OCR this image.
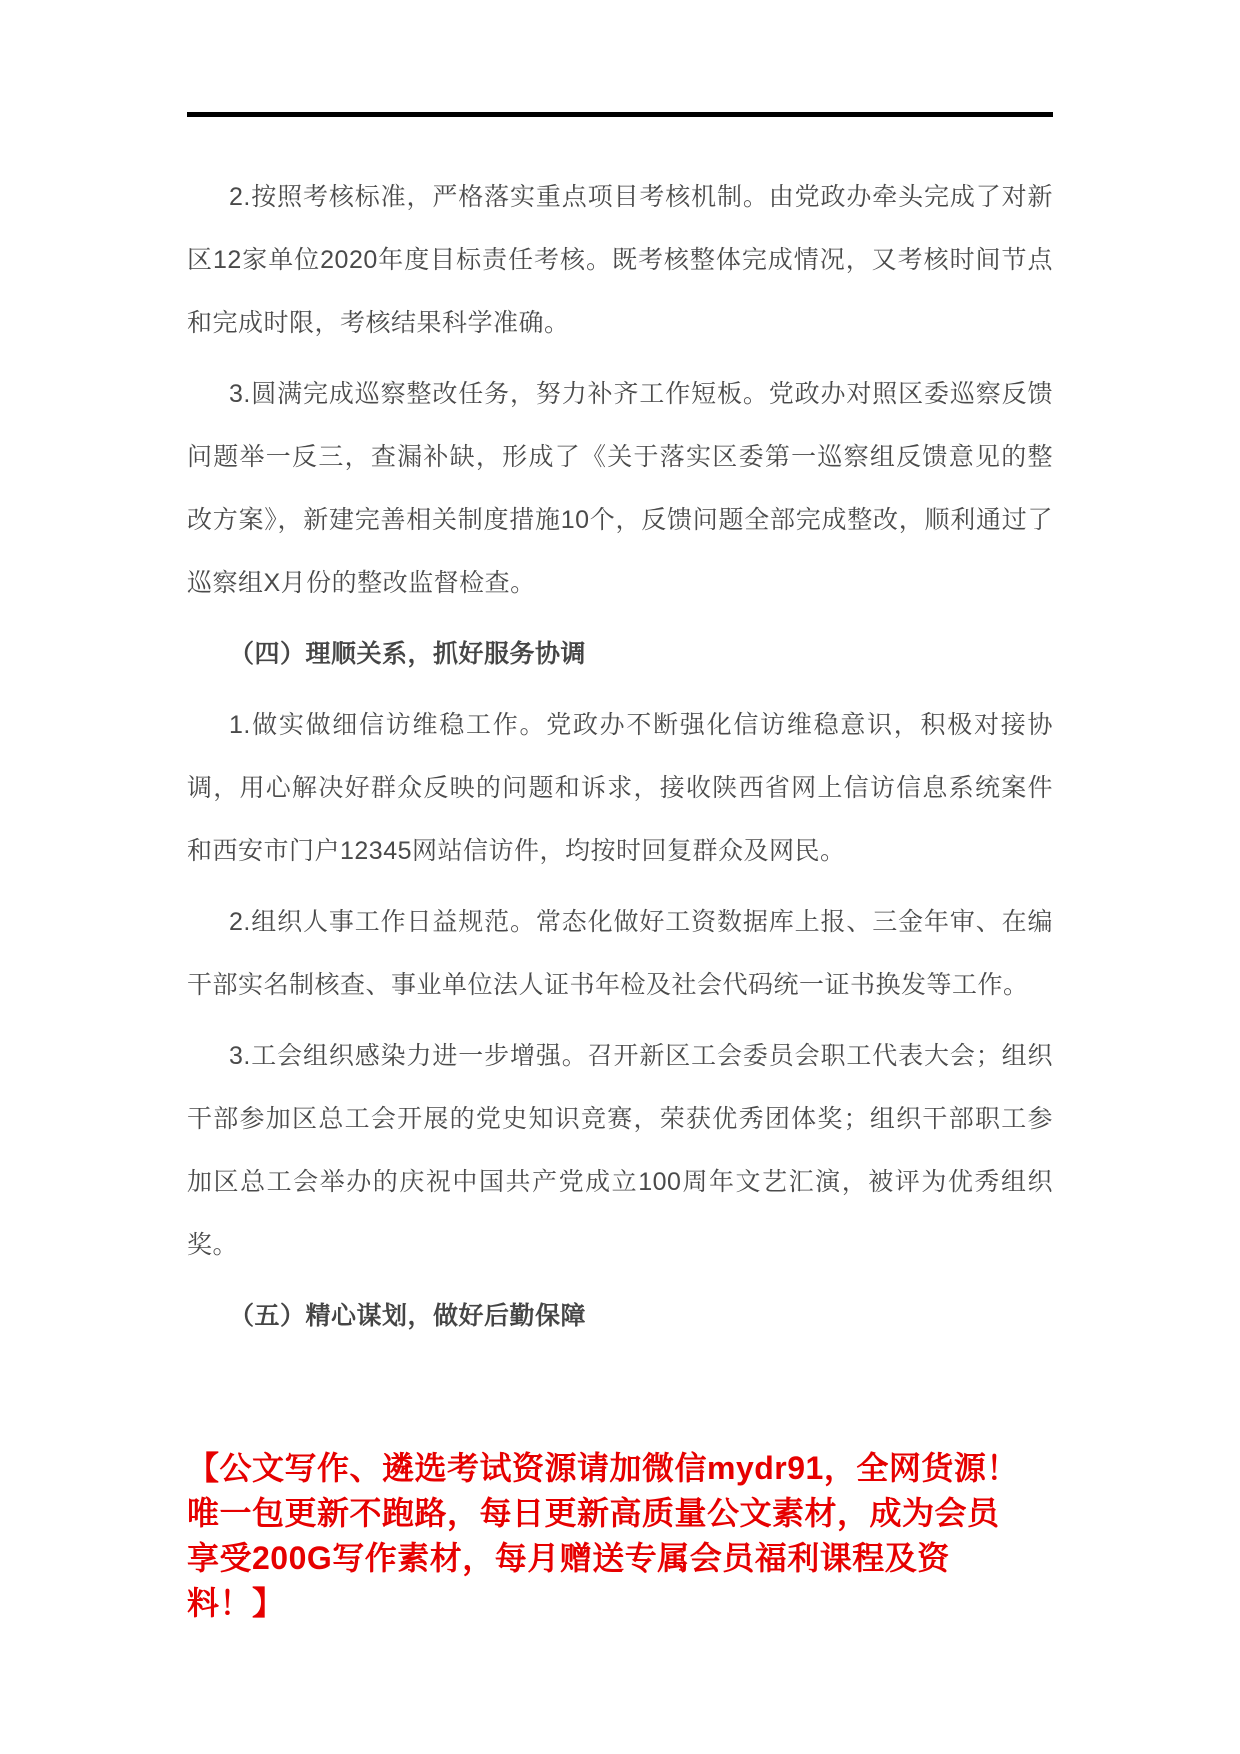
2.按照考核标准，严格落实重点项目考核机制。由党政办牵头完成了对新区12家单位2020年度目标责任考核。既考核整体完成情况，又考核时间节点和完成时限，考核结果科学准确。
3.圆满完成巡察整改任务，努力补齐工作短板。党政办对照区委巡察反馈问题举一反三，查漏补缺，形成了《关于落实区委第一巡察组反馈意见的整改方案》，新建完善相关制度措施10个，反馈问题全部完成整改，顺利通过了巡察组X月份的整改监督检查。
（四）理顺关系，抓好服务协调
1.做实做细信访维稳工作。党政办不断强化信访维稳意识，积极对接协调，用心解决好群众反映的问题和诉求，接收陕西省网上信访信息系统案件和西安市门户12345网站信访件，均按时回复群众及网民。
2.组织人事工作日益规范。常态化做好工资数据库上报、三金年审、在编干部实名制核查、事业单位法人证书年检及社会代码统一证书换发等工作。
3.工会组织感染力进一步增强。召开新区工会委员会职工代表大会；组织干部参加区总工会开展的党史知识竞赛，荣获优秀团体奖；组织干部职工参加区总工会举办的庆祝中国共产党成立100周年文艺汇演，被评为优秀组织奖。
（五）精心谋划，做好后勤保障
【公文写作、遴选考试资源请加微信mydr91，全网货源！
唯一包更新不跑路，每日更新高质量公文素材，成为会员
享受200G写作素材，每月赠送专属会员福利课程及资
料！】
